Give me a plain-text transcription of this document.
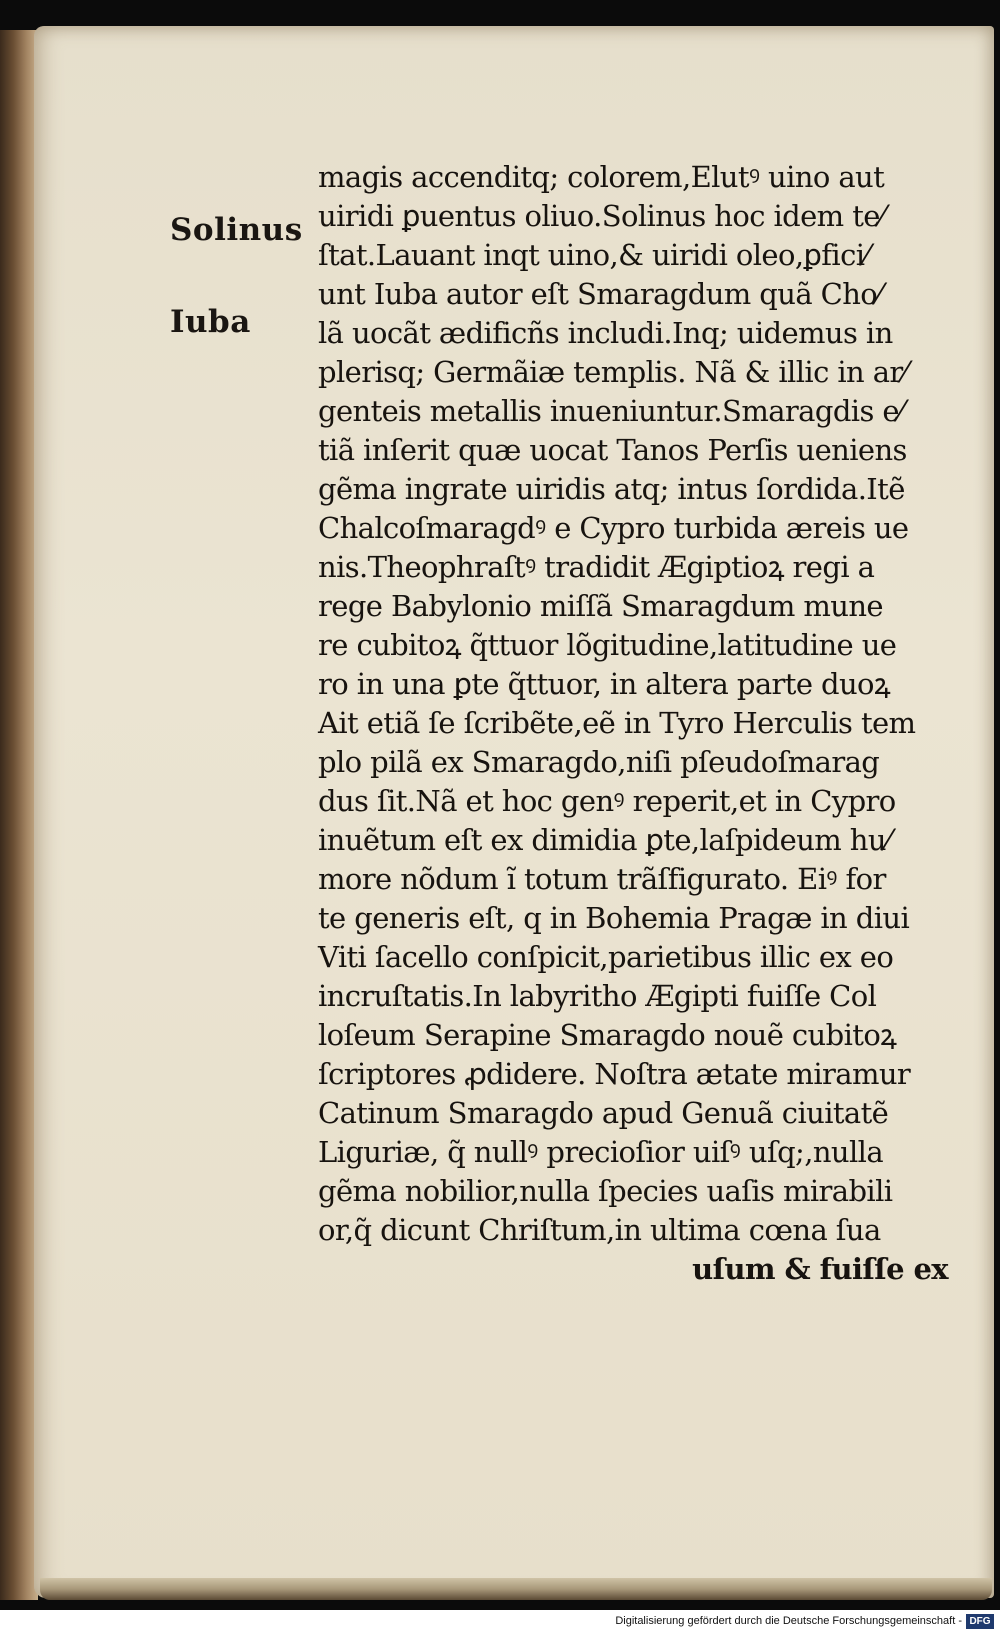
Solinus
Iuba
magis accenditq; colorem,Elutꝰ uino aut
uiridi ꝑuentus oliuo.Solinus hoc idem te⁄
ſtat.Lauant inqt uino,& uiridi oleo,ꝑfici⁄
unt Iuba autor eſt Smaragdum quã Cho⁄
lã uocãt ædificñs includi.Inq; uidemus in
plerisq; Germãiæ templis. Nã & illic in ar⁄
genteis metallis inueniuntur.Smaragdis e⁄
tiã inſerit quæ uocat Tanos Perſis ueniens
gẽma ingrate uiridis atq; intus ſordida.Itẽ
Chalcoſmaragdꝰ e Cypro turbida æreis ue
nis.Theophraſtꝰ tradidit Ægiptioꝝ regi a
rege Babylonio miſſã Smaragdum mune
re cubitoꝝ q̃ttuor lõgitudine,latitudine ue
ro in una ꝑte q̃ttuor, in altera parte duoꝝ
Ait etiã ſe ſcribẽte,eẽ in Tyro Herculis tem
plo pilã ex Smaragdo,niſi pſeudoſmarag
dus ſit.Nã et hoc genꝰ reperit,et in Cypro
inuẽtum eſt ex dimidia ꝑte,laſpideum hu⁄
more nõdum ĩ totum trãſfigurato. Eiꝰ for
te generis eſt, q in Bohemia Pragæ in diui
Viti ſacello conſpicit,parietibus illic ex eo
incruſtatis.In labyritho Ægipti fuiſſe Col
loſeum Serapine Smaragdo nouẽ cubitoꝝ
ſcriptores ꝓdidere. Noſtra ætate miramur
Catinum Smaragdo apud Genuã ciuitatẽ
Liguriæ, q̃ nullꝰ precioſior uiſꝰ uſq;,nulla
gẽma nobilior,nulla ſpecies uaſis mirabili
or,q̃ dicunt Chriſtum,in ultima cœna ſua
uſum & fuiſſe ex
Digitalisierung gefördert durch die Deutsche Forschungsgemeinschaft - DFG
